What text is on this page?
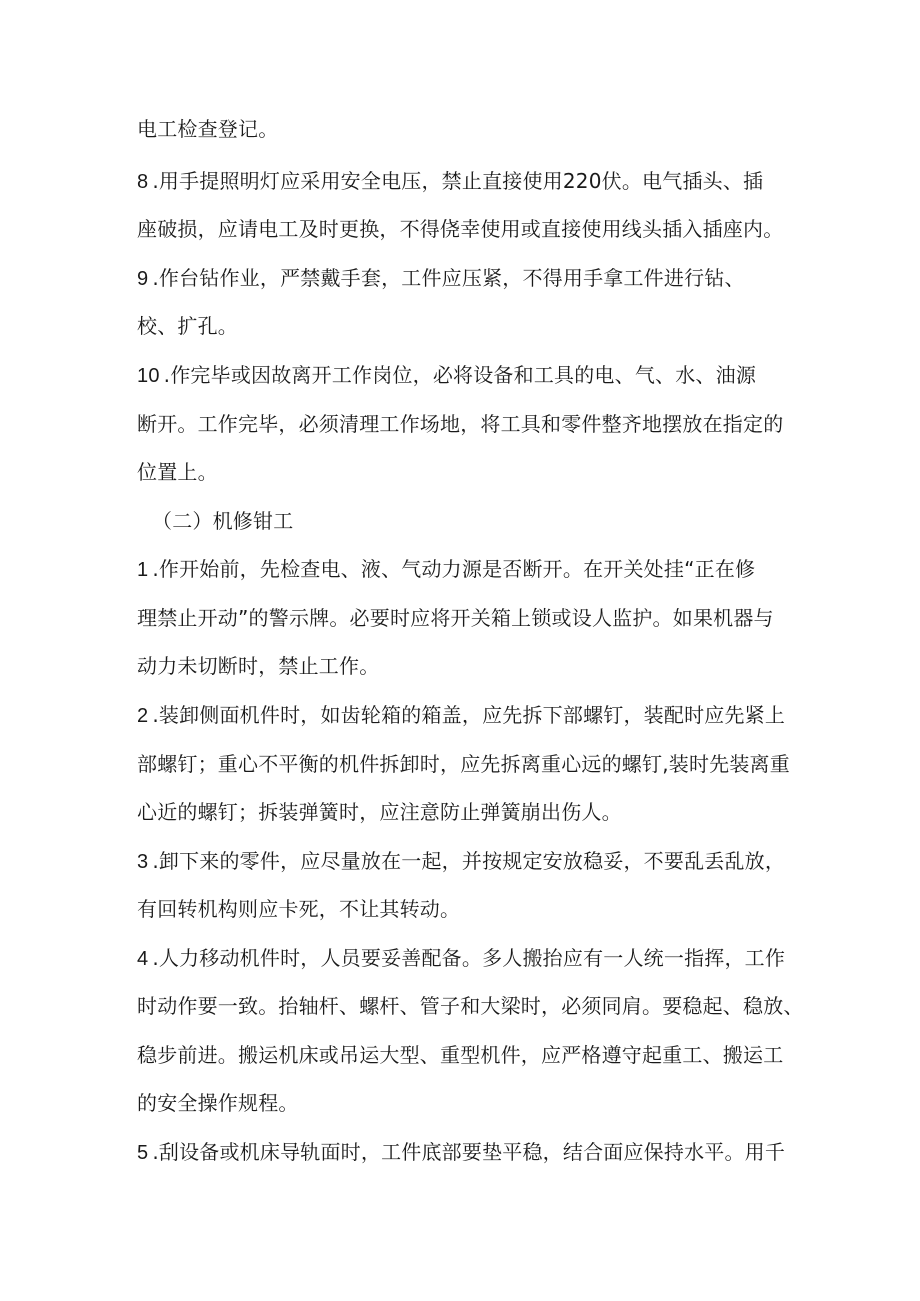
电工检查登记。
8 .用手提照明灯应采用安全电压，禁止直接使用220伏。电气插头、插
座破损，应请电工及时更换，不得侥幸使用或直接使用线头插入插座内。
9 .作台钻作业，严禁戴手套，工件应压紧，不得用手拿工件进行钻、
校、扩孔。
10 .作完毕或因故离开工作岗位，必将设备和工具的电、气、水、油源
断开。工作完毕，必须清理工作场地，将工具和零件整齐地摆放在指定的
位置上。
（二）机修钳工
1 .作开始前，先检查电、液、气动力源是否断开。在开关处挂“正在修
理禁止开动”的警示牌。必要时应将开关箱上锁或设人监护。如果机器与
动力未切断时，禁止工作。
2 .装卸侧面机件时，如齿轮箱的箱盖，应先拆下部螺钉，装配时应先紧上
部螺钉；重心不平衡的机件拆卸时，应先拆离重心远的螺钉,装时先装离重
心近的螺钉；拆装弹簧时，应注意防止弹簧崩出伤人。
3 .卸下来的零件，应尽量放在一起，并按规定安放稳妥，不要乱丢乱放，
有回转机构则应卡死，不让其转动。
4 .人力移动机件时，人员要妥善配备。多人搬抬应有一人统一指挥，工作
时动作要一致。抬轴杆、螺杆、管子和大梁时，必须同肩。要稳起、稳放、
稳步前进。搬运机床或吊运大型、重型机件，应严格遵守起重工、搬运工
的安全操作规程。
5 .刮设备或机床导轨面时，工件底部要垫平稳，结合面应保持水平。用千
